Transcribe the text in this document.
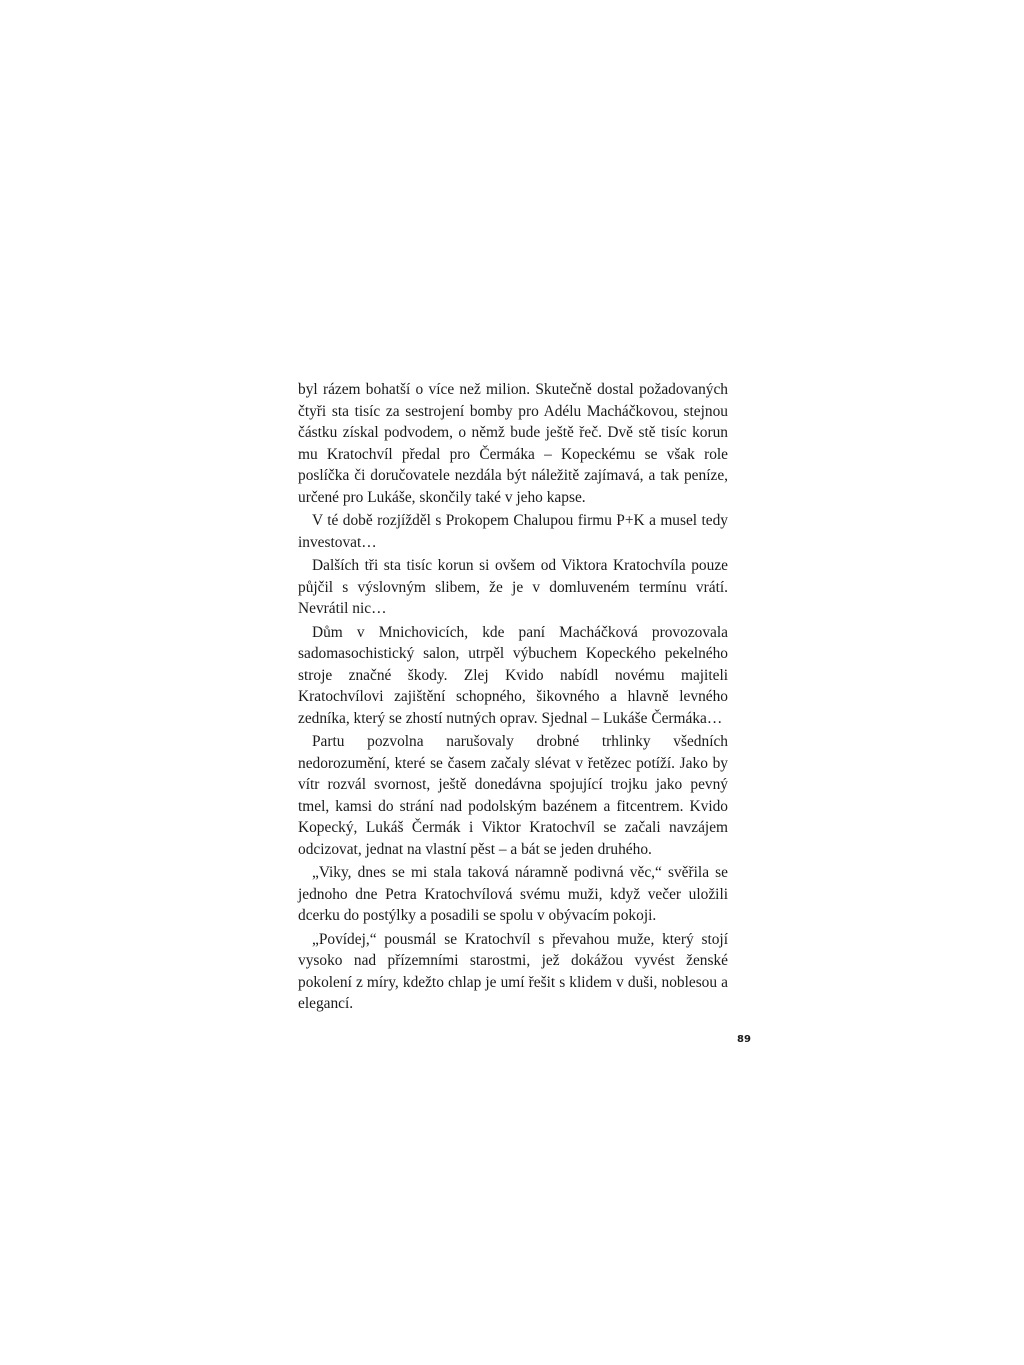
byl rázem bohatší o více než milion. Skutečně dostal požadovaných čtyři sta tisíc za sestrojení bomby pro Adélu Macháčkovou, stejnou částku získal podvodem, o němž bude ještě řeč. Dvě stě tisíc korun mu Kratochvíl předal pro Čermáka – Kopeckému se však role poslíčka či doručovatele nezdála být náležitě zajímavá, a tak peníze, určené pro Lukáše, skončily také v jeho kapse.

V té době rozjížděl s Prokopem Chalupou firmu P+K a musel tedy investovat…

Dalších tři sta tisíc korun si ovšem od Viktora Kratochvíla pouze půjčil s výslovným slibem, že je v domluveném termínu vrátí. Nevrátil nic…

Dům v Mnichovicích, kde paní Macháčková provozovala sadomasochistický salon, utrpěl výbuchem Kopeckého pekelného stroje značné škody. Zlej Kvido nabídl novému majiteli Kratochvílovi zajištění schopného, šikovného a hlavně levného zedníka, který se zhostí nutných oprav. Sjednal – Lukáše Čermáka…

Partu pozvolna narušovaly drobné trhlinky všedních nedorozumění, které se časem začaly slévat v řetězec potíží. Jako by vítr rozvál svornost, ještě donedávna spojující trojku jako pevný tmel, kamsi do strání nad podolským bazénem a fitcentrem. Kvido Kopecký, Lukáš Čermák i Viktor Kratochvíl se začali navzájem odcizovat, jednat na vlastní pěst – a bát se jeden druhého.

„Viky, dnes se mi stala taková náramně podivná věc,“ svěřila se jednoho dne Petra Kratochvílová svému muži, když večer uložili dcerku do postýlky a posadili se spolu v obývacím pokoji.

„Povídej,“ pousmál se Kratochvíl s převahou muže, který stojí vysoko nad přízemními starostmi, jež dokážou vyvést ženské pokolení z míry, kdežto chlap je umí řešit s klidem v duši, noblesou a elegancí.

89
